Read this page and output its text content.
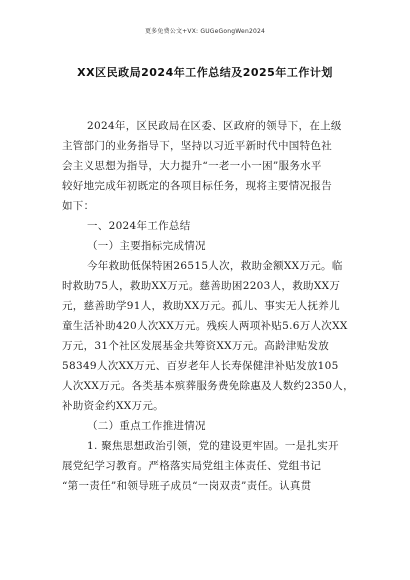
更多免费公文+VX: GUGeGongWen2024
XX区民政局2024年工作总结及2025年工作计划
2024年，区民政局在区委、区政府的领导下，在上级
主管部门的业务指导下，坚持以习近平新时代中国特色社
会主义思想为指导，大力提升“一老一小一困”服务水平
较好地完成年初既定的各项目标任务，现将主要情况报告
如下：
一、2024年工作总结
（一）主要指标完成情况
今年救助低保特困26515人次，救助金额XX万元。临
时救助75人，救助XX万元。慈善助困2203人，救助XX万
元，慈善助学91人，救助XX万元。孤儿、事实无人抚养儿
童生活补助420人次XX万元。残疾人两项补贴5.6万人次XX
万元，31个社区发展基金共筹资XX万元。高龄津贴发放
58349人次XX万元、百岁老年人长寿保健津补贴发放105
人次XX万元。各类基本殡葬服务费免除惠及人数约2350人，
补助资金约XX万元。
（二）重点工作推进情况
1. 聚焦思想政治引领，党的建设更牢固。一是扎实开
展党纪学习教育。严格落实局党组主体责任、党组书记
“第一责任”和领导班子成员“一岗双责”责任。认真贯
